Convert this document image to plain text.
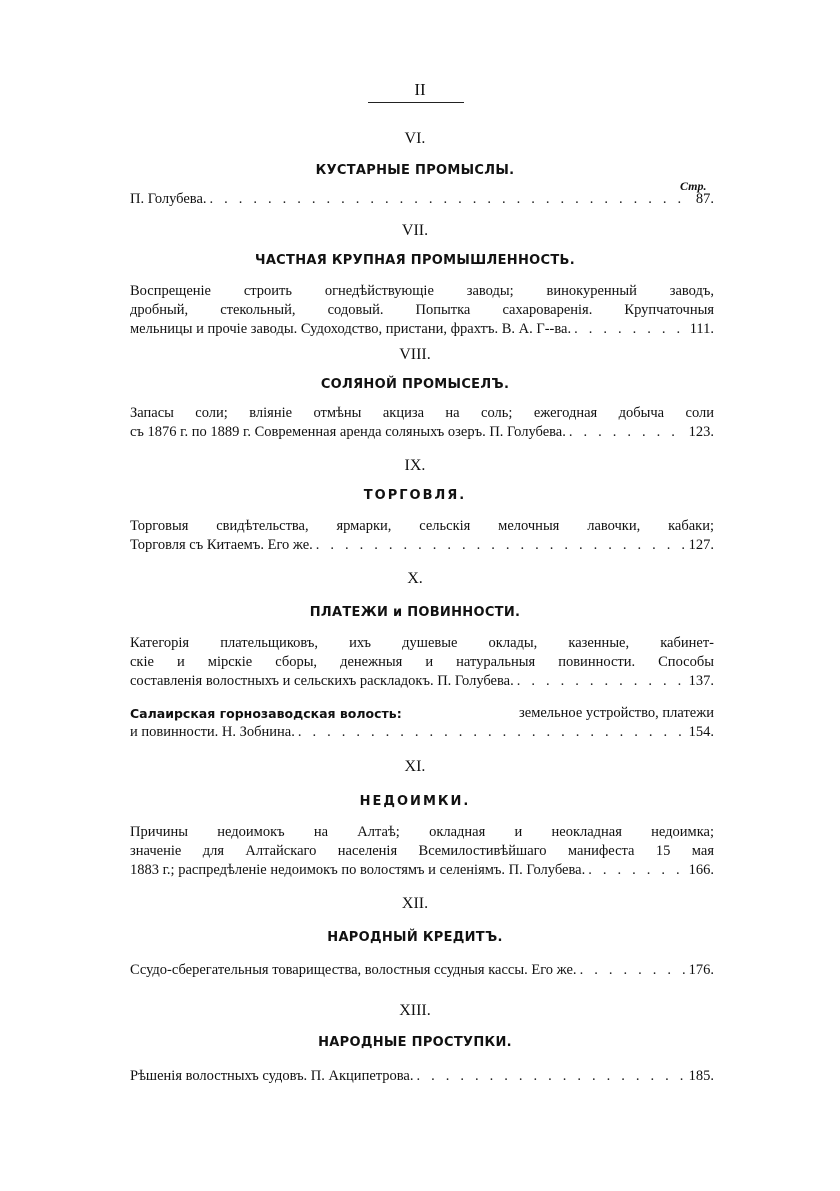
II
Стр.
VI.
КУСТАРНЫЕ ПРОМЫСЛЫ.
П. Голубева. .....	87.
VII.
ЧАСТНАЯ КРУПНАЯ ПРОМЫШЛЕННОСТЬ.
Воспрещеніе строить огнедѣйствующіе заводы; винокуренный заводъ,
дробный, стекольный, содовый. Попытка сахароваренія. Крупчаточныя
мельницы и прочіе заводы. Судоходство, пристани, фрахтъ. В. А. Г--ва. .....	111.
VIII.
СОЛЯНОЙ ПРОМЫСЕЛЪ.
Запасы соли; вліяніе отмѣны акциза на соль; ежегодная добыча соли
съ 1876 г. по 1889 г. Современная аренда соляныхъ озеръ. П. Голубева. .....	123.
IX.
ТОРГОВЛЯ.
Торговыя свидѣтельства, ярмарки, сельскія мелочныя лавочки, кабаки;
Торговля съ Китаемъ. Его же. .....	127.
X.
ПЛАТЕЖИ и ПОВИННОСТИ.
Категорія плательщиковъ, ихъ душевые оклады, казенные, кабинет-
скіе и мірскіе сборы, денежныя и натуральныя повинности. Способы
составленія волостныхъ и сельскихъ раскладокъ. П. Голубева. .....	137.
Салаирская горнозаводская волость:	земельное устройство, платежи
и повинности. Н. Зобнина. .....	154.
XI.
НЕДОИМКИ.
Причины недоимокъ на Алтаѣ; окладная и неокладная недоимка;
значеніе для Алтайскаго населенія Всемилостивѣйшаго манифеста 15 мая
1883 г.; распредѣленіе недоимокъ по волостямъ и селеніямъ. П. Голубева. .....	166.
XII.
НАРОДНЫЙ КРЕДИТЪ.
Ссудо-сберегательныя товарищества, волостныя ссудныя кассы. Его же. .....	176.
XIII.
НАРОДНЫЕ ПРОСТУПКИ.
Рѣшенія волостныхъ судовъ. П. Акципетрова. .....	185.
